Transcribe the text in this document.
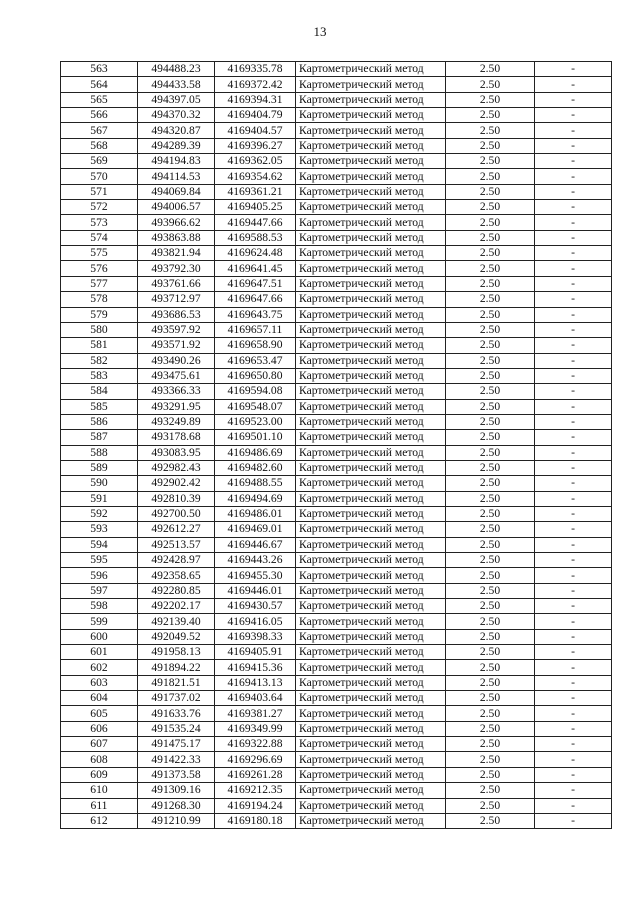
13
563	494488.23	4169335.78	Картометрический метод	2.50	-
564	494433.58	4169372.42	Картометрический метод	2.50	-
565	494397.05	4169394.31	Картометрический метод	2.50	-
566	494370.32	4169404.79	Картометрический метод	2.50	-
567	494320.87	4169404.57	Картометрический метод	2.50	-
568	494289.39	4169396.27	Картометрический метод	2.50	-
569	494194.83	4169362.05	Картометрический метод	2.50	-
570	494114.53	4169354.62	Картометрический метод	2.50	-
571	494069.84	4169361.21	Картометрический метод	2.50	-
572	494006.57	4169405.25	Картометрический метод	2.50	-
573	493966.62	4169447.66	Картометрический метод	2.50	-
574	493863.88	4169588.53	Картометрический метод	2.50	-
575	493821.94	4169624.48	Картометрический метод	2.50	-
576	493792.30	4169641.45	Картометрический метод	2.50	-
577	493761.66	4169647.51	Картометрический метод	2.50	-
578	493712.97	4169647.66	Картометрический метод	2.50	-
579	493686.53	4169643.75	Картометрический метод	2.50	-
580	493597.92	4169657.11	Картометрический метод	2.50	-
581	493571.92	4169658.90	Картометрический метод	2.50	-
582	493490.26	4169653.47	Картометрический метод	2.50	-
583	493475.61	4169650.80	Картометрический метод	2.50	-
584	493366.33	4169594.08	Картометрический метод	2.50	-
585	493291.95	4169548.07	Картометрический метод	2.50	-
586	493249.89	4169523.00	Картометрический метод	2.50	-
587	493178.68	4169501.10	Картометрический метод	2.50	-
588	493083.95	4169486.69	Картометрический метод	2.50	-
589	492982.43	4169482.60	Картометрический метод	2.50	-
590	492902.42	4169488.55	Картометрический метод	2.50	-
591	492810.39	4169494.69	Картометрический метод	2.50	-
592	492700.50	4169486.01	Картометрический метод	2.50	-
593	492612.27	4169469.01	Картометрический метод	2.50	-
594	492513.57	4169446.67	Картометрический метод	2.50	-
595	492428.97	4169443.26	Картометрический метод	2.50	-
596	492358.65	4169455.30	Картометрический метод	2.50	-
597	492280.85	4169446.01	Картометрический метод	2.50	-
598	492202.17	4169430.57	Картометрический метод	2.50	-
599	492139.40	4169416.05	Картометрический метод	2.50	-
600	492049.52	4169398.33	Картометрический метод	2.50	-
601	491958.13	4169405.91	Картометрический метод	2.50	-
602	491894.22	4169415.36	Картометрический метод	2.50	-
603	491821.51	4169413.13	Картометрический метод	2.50	-
604	491737.02	4169403.64	Картометрический метод	2.50	-
605	491633.76	4169381.27	Картометрический метод	2.50	-
606	491535.24	4169349.99	Картометрический метод	2.50	-
607	491475.17	4169322.88	Картометрический метод	2.50	-
608	491422.33	4169296.69	Картометрический метод	2.50	-
609	491373.58	4169261.28	Картометрический метод	2.50	-
610	491309.16	4169212.35	Картометрический метод	2.50	-
611	491268.30	4169194.24	Картометрический метод	2.50	-
612	491210.99	4169180.18	Картометрический метод	2.50	-
